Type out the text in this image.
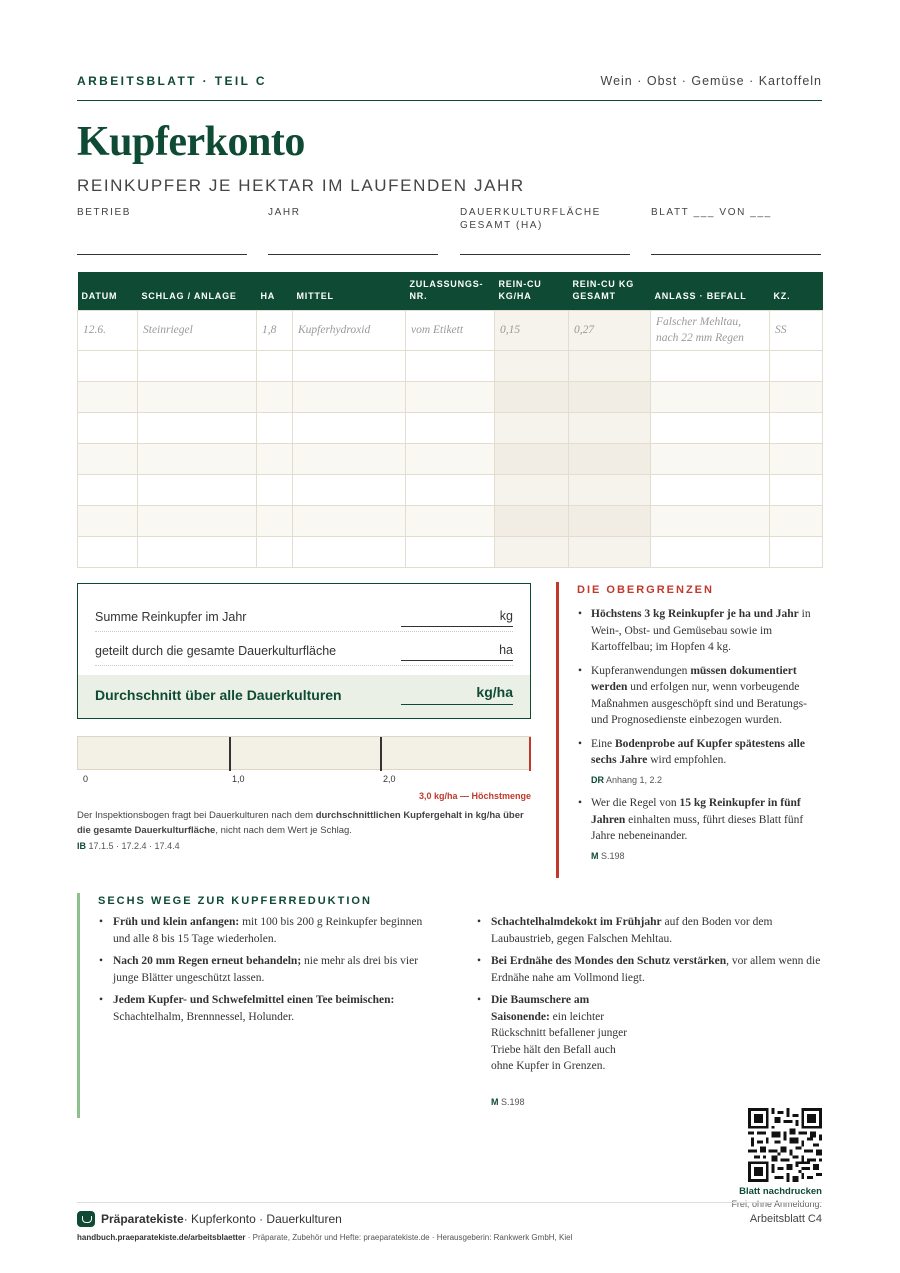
ARBEITSBLATT · TEIL C	Wein · Obst · Gemüse · Kartoffeln
Kupferkonto
REINKUPFER JE HEKTAR IM LAUFENDEN JAHR
BETRIEB	JAHR	DAUERKULTURFLÄCHE GESAMT (HA)
BLATT ___ VON ___
DATUM	SCHLAG / ANLAGE	HA	MITTEL	ZULASSUNGS-NR.	REIN-CU KG/HA	REIN-CU KG GESAMT	ANLASS · BEFALL	KZ.
12.6.	Steinriegel	1,8	Kupferhydroxid	vom Etikett	0,15	0,27	Falscher Mehltau, nach 22 mm Regen	SS

Summe Reinkupfer im Jahr	kg
geteilt durch die gesamte Dauerkulturfläche	ha
Durchschnitt über alle Dauerkulturen	kg/ha
0	1,0	2,0
3,0 kg/ha — Höchstmenge
Der Inspektionsbogen fragt bei Dauerkulturen nach dem durchschnittlichen Kupfergehalt in kg/ha über die gesamte Dauerkulturfläche, nicht nach dem Wert je Schlag.
IB 17.1.5 · 17.2.4 · 17.4.4
DIE OBERGRENZEN
• Höchstens 3 kg Reinkupfer je ha und Jahr in Wein-, Obst- und Gemüsebau sowie im Kartoffelbau; im Hopfen 4 kg.
• Kupferanwendungen müssen dokumentiert werden und erfolgen nur, wenn vorbeugende Maßnahmen ausgeschöpft sind und Beratungs- und Prognosedienste einbezogen wurden.
• Eine Bodenprobe auf Kupfer spätestens alle sechs Jahre wird empfohlen.
DR Anhang 1, 2.2
• Wer die Regel von 15 kg Reinkupfer in fünf Jahren einhalten muss, führt dieses Blatt fünf Jahre nebeneinander.
M S.198
SECHS WEGE ZUR KUPFERREDUKTION
• Früh und klein anfangen: mit 100 bis 200 g Reinkupfer beginnen und alle 8 bis 15 Tage wiederholen.
• Nach 20 mm Regen erneut behandeln; nie mehr als drei bis vier junge Blätter ungeschützt lassen.
• Jedem Kupfer- und Schwefelmittel einen Tee beimischen: Schachtelhalm, Brennnessel, Holunder.
• Schachtelhalmdekokt im Frühjahr auf den Boden vor dem Laubaustrieb, gegen Falschen Mehltau.
• Bei Erdnähe des Mondes den Schutz verstärken, vor allem wenn die Erdnähe nahe am Vollmond liegt.
• Die Baumschere am Saisonende: ein leichter Rückschnitt befallener junger Triebe hält den Befall auch ohne Kupfer in Grenzen.
M S.198
Blatt nachdrucken
Frei, ohne Anmeldung.
Präparatekiste · Kupferkonto · Dauerkulturen	Arbeitsblatt C4
handbuch.praeparatekiste.de/arbeitsblaetter · Präparate, Zubehör und Hefte: praeparatekiste.de · Herausgeberin: Rankwerk GmbH, Kiel
